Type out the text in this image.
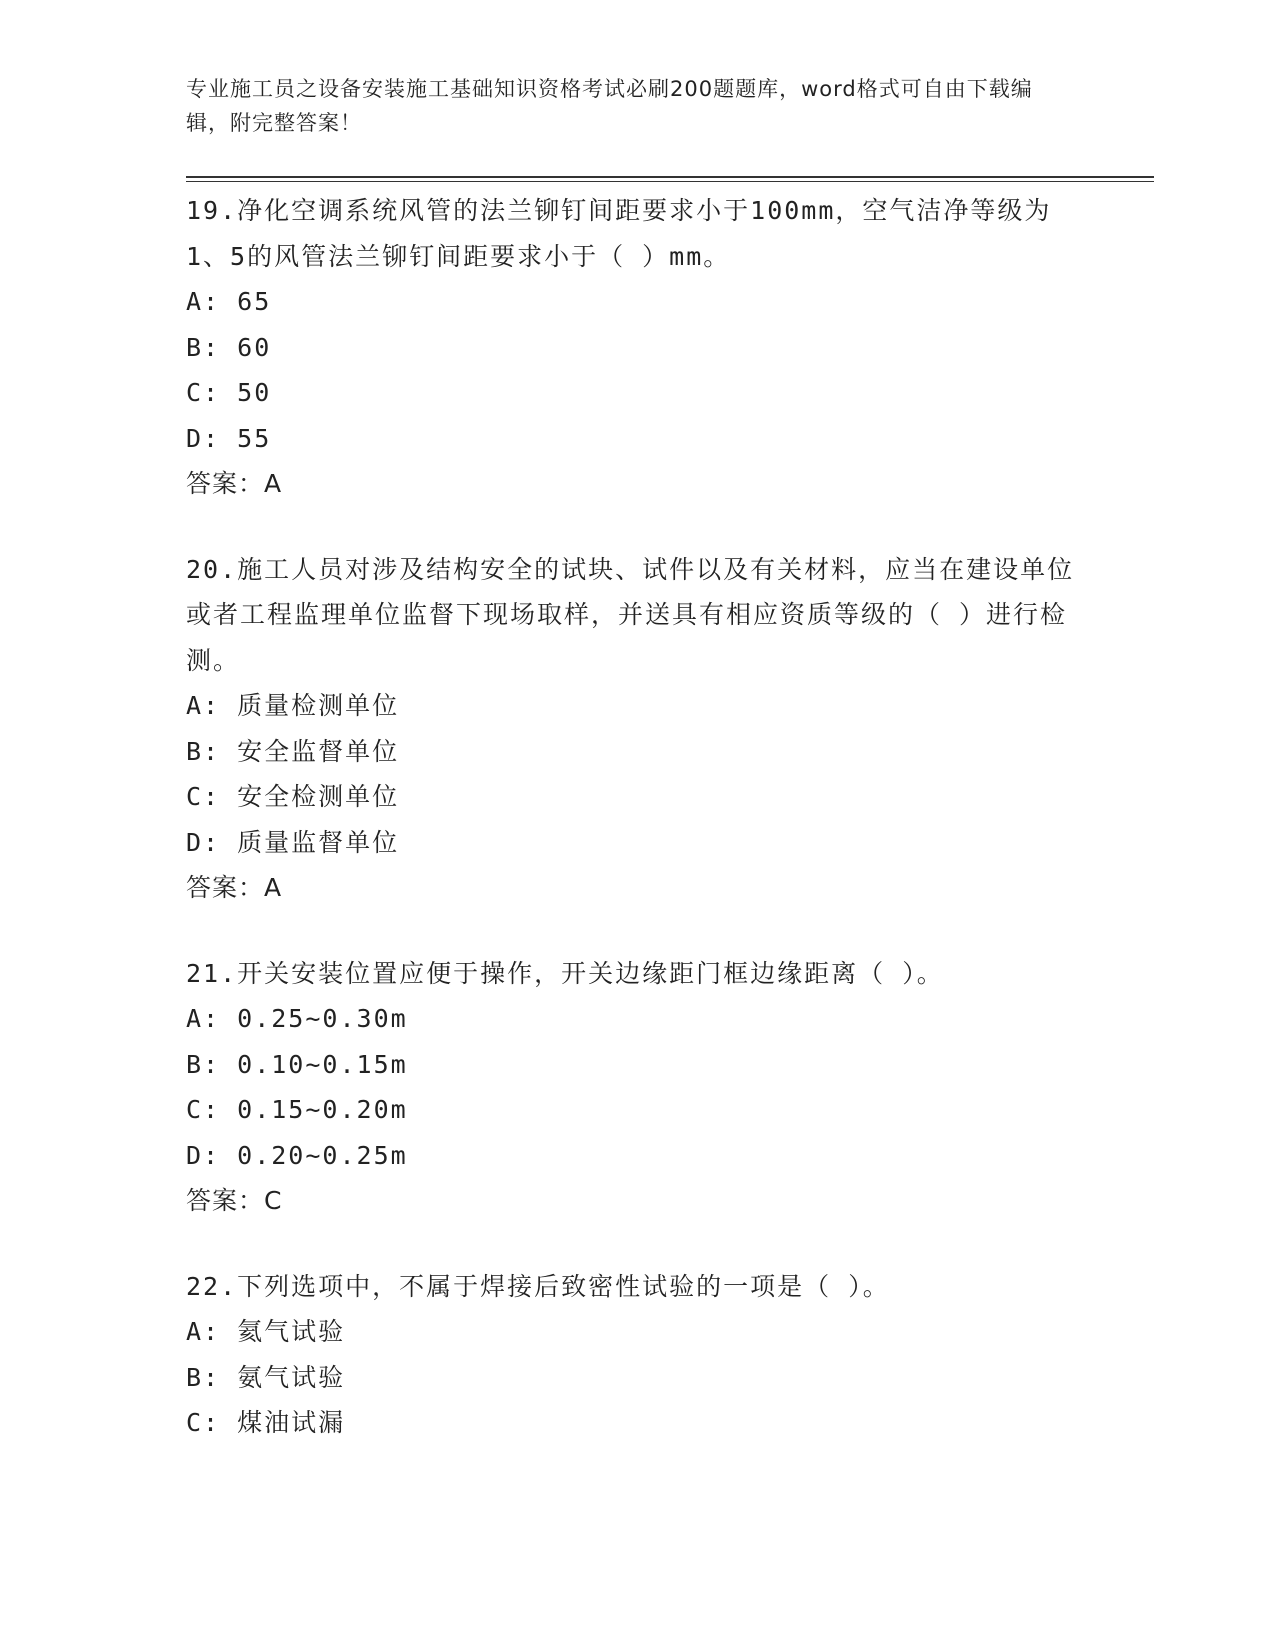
专业施工员之设备安装施工基础知识资格考试必刷200题题库，word格式可自由下载编辑，附完整答案！

19.净化空调系统风管的法兰铆钉间距要求小于100mm，空气洁净等级为1、5的风管法兰铆钉间距要求小于（ ）mm。

A: 65

B: 60

C: 50

D: 55

答案：A

20.施工人员对涉及结构安全的试块、试件以及有关材料，应当在建设单位或者工程监理单位监督下现场取样，并送具有相应资质等级的（ ）进行检测。

A: 质量检测单位

B: 安全监督单位

C: 安全检测单位

D: 质量监督单位

答案：A

21.开关安装位置应便于操作，开关边缘距门框边缘距离（ ）。

A: 0.25~0.30m

B: 0.10~0.15m

C: 0.15~0.20m

D: 0.20~0.25m

答案：C

22.下列选项中，不属于焊接后致密性试验的一项是（ ）。

A: 氦气试验

B: 氨气试验

C: 煤油试漏
